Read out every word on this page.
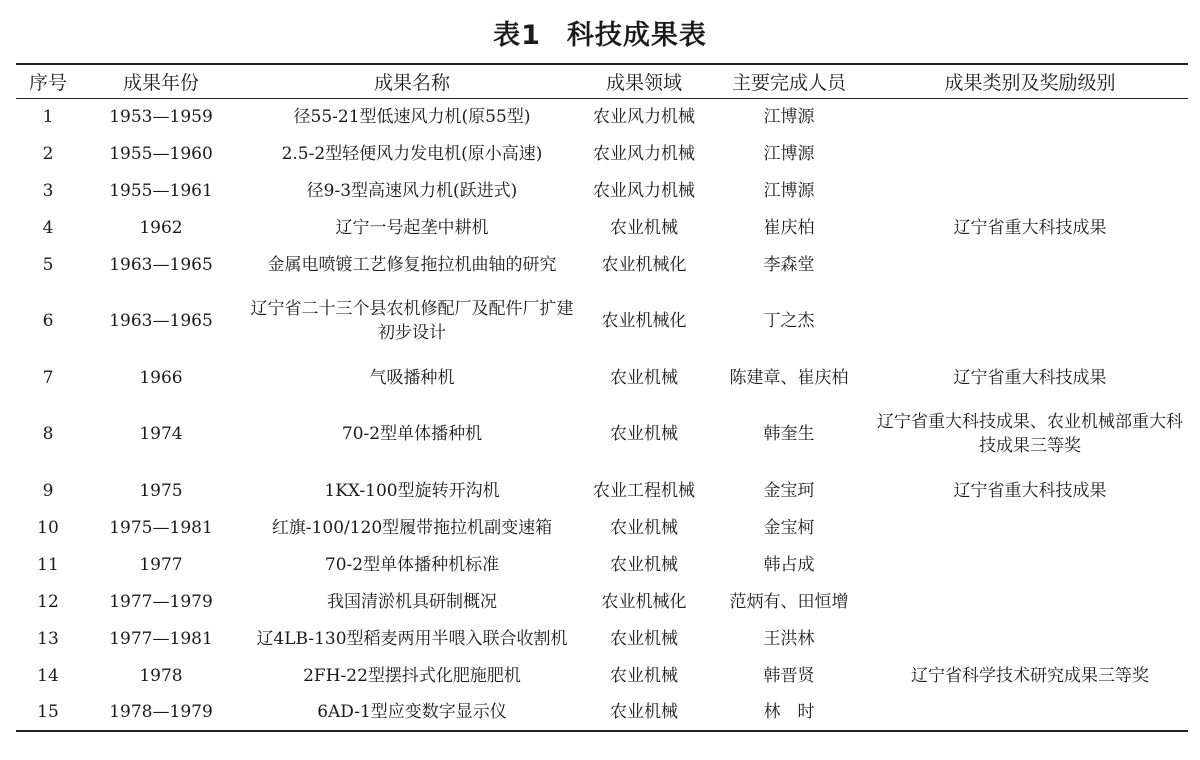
表1 科技成果表
序号	成果年份	成果名称	成果领域	主要完成人员	成果类别及奖励级别
1	1953—1959	径55-21型低速风力机(原55型)	农业风力机械	江博源	
2	1955—1960	2.5-2型轻便风力发电机(原小高速)	农业风力机械	江博源	
3	1955—1961	径9-3型高速风力机(跃进式)	农业风力机械	江博源	
4	1962	辽宁一号起垄中耕机	农业机械	崔庆柏	辽宁省重大科技成果
5	1963—1965	金属电喷镀工艺修复拖拉机曲轴的研究	农业机械化	李森堂	
6	1963—1965	辽宁省二十三个县农机修配厂及配件厂扩建初步设计	农业机械化	丁之杰	
7	1966	气吸播种机	农业机械	陈建章、崔庆柏	辽宁省重大科技成果
8	1974	70-2型单体播种机	农业机械	韩奎生	辽宁省重大科技成果、农业机械部重大科技成果三等奖
9	1975	1KX-100型旋转开沟机	农业工程机械	金宝珂	辽宁省重大科技成果
10	1975—1981	红旗-100/120型履带拖拉机副变速箱	农业机械	金宝柯	
11	1977	70-2型单体播种机标准	农业机械	韩占成	
12	1977—1979	我国清淤机具研制概况	农业机械化	范炳有、田恒增	
13	1977—1981	辽4LB-130型稻麦两用半喂入联合收割机	农业机械	王洪林	
14	1978	2FH-22型摆抖式化肥施肥机	农业机械	韩晋贤	辽宁省科学技术研究成果三等奖
15	1978—1979	6AD-1型应变数字显示仪	农业机械	林　时	
